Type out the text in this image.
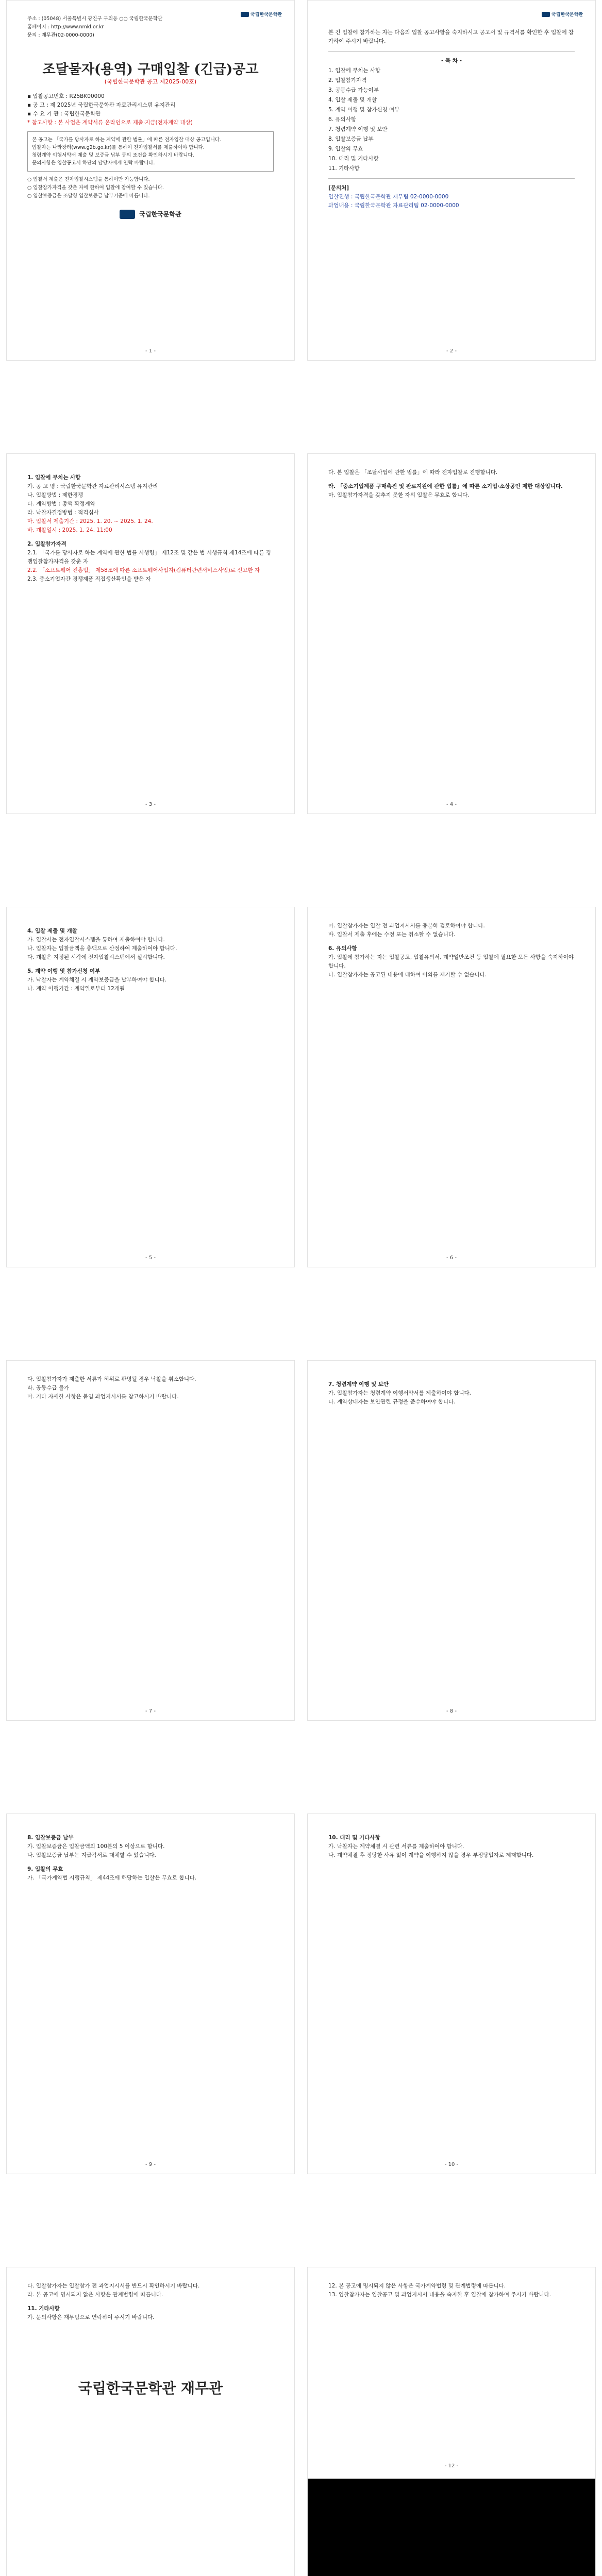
국립한국문학관
주소 : (05048) 서울특별시 광진구 구의동 ○○ 국립한국문학관
홈페이지 : http://www.nmkl.or.kr
문의 : 재무관(02-0000-0000)
조달물자(용역) 구매입찰 (긴급)공고
(국립한국문학관 공고 제2025-00호)
▪ 입찰공고번호 : R25BK00000
▪ 공 고 : 제 2025년 국립한국문학관 자료관리시스템 유지관리
▪ 수 요 기 관 : 국립한국문학관
* 참고사항 : 본 사업은 계약서류 온라인으로 제출·지급(전자계약 대상)
본 공고는 「국가를 당사자로 하는 계약에 관한 법률」에 따른 전자입찰 대상 공고입니다.
입찰자는 나라장터(www.g2b.go.kr)를 통하여 전자입찰서를 제출하여야 합니다.
청렴계약 이행서약서 제출 및 보증금 납부 등의 조건을 확인하시기 바랍니다.
문의사항은 입찰공고서 하단의 담당자에게 연락 바랍니다.
○ 입찰서 제출은 전자입찰시스템을 통하여만 가능합니다.
○ 입찰참가자격을 갖춘 자에 한하여 입찰에 참여할 수 있습니다.
○ 입찰보증금은 조달청 입찰보증금 납부기준에 따릅니다.
국립한국문학관
- 1 -
국립한국문학관
본 긴 입찰에 참가하는 자는 다음의 입찰 공고사항을 숙지하시고 공고서 및 규격서를 확인한 후 입찰에 참가하여 주시기 바랍니다.
- 목 차 -
1. 입찰에 부치는 사항
2. 입찰참가자격
3. 공동수급 가능여부
4. 입찰 제출 및 개찰
5. 계약 이행 및 참가신청 여부
6. 유의사항
7. 청렴계약 이행 및 보안
8. 입찰보증금 납부
9. 입찰의 무효
10. 대리 및 기타사항
11. 기타사항
[문의처]
입찰진행 : 국립한국문학관 재무팀 02-0000-0000
과업내용 : 국립한국문학관 자료관리팀 02-0000-0000
- 2 -
1. 입찰에 부치는 사항
가. 공 고 명 : 국립한국문학관 자료관리시스템 유지관리
나. 입찰방법 : 제한경쟁
다. 계약방법 : 총액 확정계약
라. 낙찰자결정방법 : 적격심사
마. 입찰서 제출기간 : 2025. 1. 20. ~ 2025. 1. 24.
바. 개찰일시 : 2025. 1. 24. 11:00
2. 입찰참가자격
2.1. 「국가를 당사자로 하는 계약에 관한 법률 시행령」 제12조 및 같은 법 시행규칙 제14조에 따른 경쟁입찰참가자격을 갖춘 자
2.2. 「소프트웨어 진흥법」 제58조에 따른 소프트웨어사업자(컴퓨터관련서비스사업)로 신고한 자
2.3. 중소기업자간 경쟁제품 직접생산확인을 받은 자
- 3 -
다. 본 입찰은 「조달사업에 관한 법률」에 따라 전자입찰로 진행합니다.
라. 「중소기업제품 구매촉진 및 판로지원에 관한 법률」에 따른 소기업·소상공인 제한 대상입니다.
마. 입찰참가자격을 갖추지 못한 자의 입찰은 무효로 합니다.
- 4 -
4. 입찰 제출 및 개찰
가. 입찰서는 전자입찰시스템을 통하여 제출하여야 합니다.
나. 입찰자는 입찰금액을 총액으로 산정하여 제출하여야 합니다.
다. 개찰은 지정된 시각에 전자입찰시스템에서 실시합니다.
5. 계약 이행 및 참가신청 여부
가. 낙찰자는 계약체결 시 계약보증금을 납부하여야 합니다.
나. 계약 이행기간 : 계약일로부터 12개월
- 5 -
마. 입찰참가자는 입찰 전 과업지시서를 충분히 검토하여야 합니다.
바. 입찰서 제출 후에는 수정 또는 취소할 수 없습니다.
6. 유의사항
가. 입찰에 참가하는 자는 입찰공고, 입찰유의서, 계약일반조건 등 입찰에 필요한 모든 사항을 숙지하여야 합니다.
나. 입찰참가자는 공고된 내용에 대하여 이의를 제기할 수 없습니다.
- 6 -
다. 입찰참가자가 제출한 서류가 허위로 판명될 경우 낙찰을 취소합니다.
라. 공동수급 불가
마. 기타 자세한 사항은 붙임 과업지시서를 참고하시기 바랍니다.
- 7 -
7. 청렴계약 이행 및 보안
가. 입찰참가자는 청렴계약 이행서약서를 제출하여야 합니다.
나. 계약상대자는 보안관련 규정을 준수하여야 합니다.
- 8 -
8. 입찰보증금 납부
가. 입찰보증금은 입찰금액의 100분의 5 이상으로 합니다.
나. 입찰보증금 납부는 지급각서로 대체할 수 있습니다.
9. 입찰의 무효
가. 「국가계약법 시행규칙」 제44조에 해당하는 입찰은 무효로 합니다.
- 9 -
10. 대리 및 기타사항
가. 낙찰자는 계약체결 시 관련 서류를 제출하여야 합니다.
나. 계약체결 후 정당한 사유 없이 계약을 이행하지 않을 경우 부정당업자로 제재합니다.
- 10 -
다. 입찰참가자는 입찰참가 전 과업지시서를 반드시 확인하시기 바랍니다.
라. 본 공고에 명시되지 않은 사항은 관계법령에 따릅니다.
11. 기타사항
가. 문의사항은 재무팀으로 연락하여 주시기 바랍니다.
국립한국문학관 재무관
12. 본 공고에 명시되지 않은 사항은 국가계약법령 및 관계법령에 따릅니다.
13. 입찰참가자는 입찰공고 및 과업지시서 내용을 숙지한 후 입찰에 참가하여 주시기 바랍니다.
- 12 -
